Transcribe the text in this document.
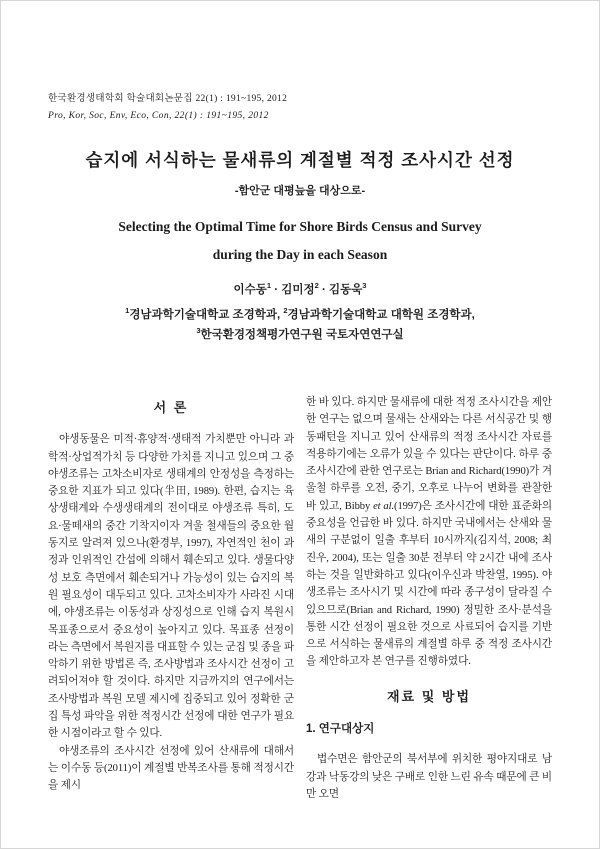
한국환경생태학회 학술대회논문집 22(1) : 191~195, 2012
Pro, Kor, Soc, Env, Eco, Con, 22(1) : 191~195, 2012
습지에 서식하는 물새류의 계절별 적정 조사시간 선정
-함안군 대평늪을 대상으로-
Selecting the Optimal Time for Shore Birds Census and Survey
during the Day in each Season
이수동$^1$ · 김미정$^2$ · 김동욱$^3$
$^1$경남과학기술대학교 조경학과, $^2$경남과학기술대학교 대학원 조경학과,
$^3$한국환경정책평가연구원 국토자연연구실
서 론

야생동물은 미적·휴양적·생태적 가치뿐만 아니라 과학적·상업적가치 등 다양한 가치를 지니고 있으며 그 중 야생조류는 고차소비자로 생태계의 안정성을 측정하는 중요한 지표가 되고 있다(半田, 1989). 한편, 습지는 육상생태계와 수생생태계의 전이대로 야생조류 특히, 도요·물떼새의 중간 기착지이자 겨울 철새들의 중요한 월동지로 알려져 있으나(환경부, 1997), 자연적인 천이 과정과 인위적인 간섭에 의해서 훼손되고 있다. 생물다양성 보호 측면에서 훼손되거나 가능성이 있는 습지의 복원 필요성이 대두되고 있다. 고차소비자가 사라진 시대에, 야생조류는 이동성과 상징성으로 인해 습지 복원시 목표종으로서 중요성이 높아지고 있다. 목표종 선정이라는 측면에서 복원지를 대표할 수 있는 군집 및 종을 파악하기 위한 방법론 즉, 조사방법과 조사시간 선정이 고려되어져야 할 것이다. 하지만 지금까지의 연구에서는 조사방법과 복원 모델 제시에 집중되고 있어 정확한 군집 특성 파악을 위한 적정시간 선정에 대한 연구가 필요한 시점이라고 할 수 있다.

야생조류의 조사시간 선정에 있어 산새류에 대해서는 이수동 등(2011)이 계절별 반복조사를 통해 적정시간을 제시

한 바 있다. 하지만 물새류에 대한 적정 조사시간을 제안한 연구는 없으며 물새는 산새와는 다른 서식공간 및 행동패턴을 지니고 있어 산새류의 적정 조사시간 자료를 적용하기에는 오류가 있을 수 있다는 판단이다. 하루 중 조사시간에 관한 연구로는 Brian and Richard(1990)가 겨울철 하루를 오전, 중기, 오후로 나누어 변화를 관찰한 바 있고, Bibby et al.(1997)은 조사시간에 대한 표준화의 중요성을 언급한 바 있다. 하지만 국내에서는 산새와 물새의 구분없이 일출 후부터 10시까지(김지석, 2008; 최진우, 2004), 또는 일출 30분 전부터 약 2시간 내에 조사하는 것을 일반화하고 있다(이우신과 박찬열, 1995). 야생조류는 조사시기 및 시간에 따라 종구성이 달라질 수 있으므로(Brian and Richard, 1990) 정밀한 조사·분석을 통한 시간 선정이 필요한 것으로 사료되어 습지를 기반으로 서식하는 물새류의 계절별 하루 중 적정 조사시간을 제안하고자 본 연구를 진행하였다.

재료 및 방법
1. 연구대상지

법수면은 함안군의 북서부에 위치한 평야지대로 남강과 낙동강의 낮은 구배로 인한 느린 유속 때문에 큰 비만 오면
